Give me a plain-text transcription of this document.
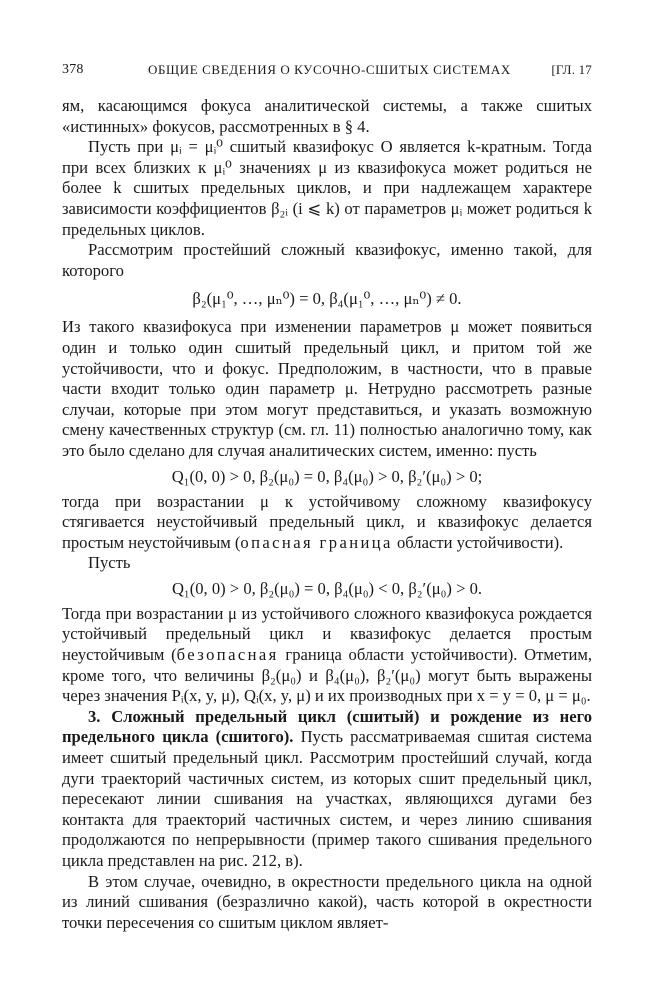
378	ОБЩИЕ СВЕДЕНИЯ О КУСОЧНО-СШИТЫХ СИСТЕМАХ	[ГЛ. 17

ям, касающимся фокуса аналитической системы, а также сшитых «истинных» фокусов, рассмотренных в § 4.

Пусть при μᵢ = μᵢ⁰ сшитый квазифокус O является k-кратным. Тогда при всех близких к μᵢ⁰ значениях μ из квазифокуса может родиться не более k сшитых предельных циклов, и при надлежащем характере зависимости коэффициентов β₂ᵢ (i ⩽ k) от параметров μᵢ может родиться k предельных циклов.

Рассмотрим простейший сложный квазифокус, именно такой, для которого

β₂(μ₁⁰, …, μₙ⁰) = 0, β₄(μ₁⁰, …, μₙ⁰) ≠ 0.

Из такого квазифокуса при изменении параметров μ может появиться один и только один сшитый предельный цикл, и притом той же устойчивости, что и фокус. Предположим, в частности, что в правые части входит только один параметр μ. Нетрудно рассмотреть разные случаи, которые при этом могут представиться, и указать возможную смену качественных структур (см. гл. 11) полностью аналогично тому, как это было сделано для случая аналитических систем, именно: пусть

Q₁(0, 0) > 0, β₂(μ₀) = 0, β₄(μ₀) > 0, β₂′(μ₀) > 0;

тогда при возрастании μ к устойчивому сложному квазифокусу стягивается неустойчивый предельный цикл, и квазифокус делается простым неустойчивым (опасная граница области устойчивости).

Пусть

Q₁(0, 0) > 0, β₂(μ₀) = 0, β₄(μ₀) < 0, β₂′(μ₀) > 0.

Тогда при возрастании μ из устойчивого сложного квазифокуса рождается устойчивый предельный цикл и квазифокус делается простым неустойчивым (безопасная граница области устойчивости). Отметим, кроме того, что величины β₂(μ₀) и β₄(μ₀), β₂′(μ₀) могут быть выражены через значения Pᵢ(x, y, μ), Qᵢ(x, y, μ) и их производных при x = y = 0, μ = μ₀.

3. Сложный предельный цикл (сшитый) и рождение из него предельного цикла (сшитого). Пусть рассматриваемая сшитая система имеет сшитый предельный цикл. Рассмотрим простейший случай, когда дуги траекторий частичных систем, из которых сшит предельный цикл, пересекают линии сшивания на участках, являющихся дугами без контакта для траекторий частичных систем, и через линию сшивания продолжаются по непрерывности (пример такого сшивания предельного цикла представлен на рис. 212, в).

В этом случае, очевидно, в окрестности предельного цикла на одной из линий сшивания (безразлично какой), часть которой в окрестности точки пересечения со сшитым циклом являет-
